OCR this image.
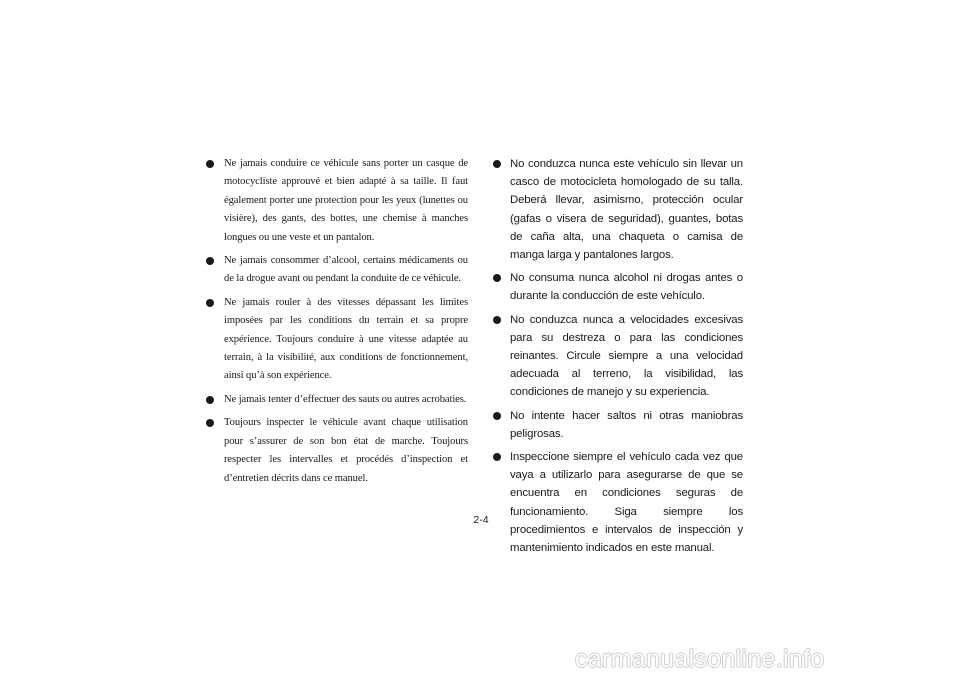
Ne jamais conduire ce véhicule sans porter un casque de motocycliste approuvé et bien adapté à sa taille. Il faut également porter une protection pour les yeux (lunettes ou visière), des gants, des bottes, une chemise à manches longues ou une veste et un pantalon.
Ne jamais consommer d’alcool, certains médicaments ou de la drogue avant ou pendant la conduite de ce véhicule.
Ne jamais rouler à des vitesses dépassant les limites imposées par les conditions du terrain et sa propre expérience. Toujours conduire à une vitesse adaptée au terrain, à la visibilité, aux conditions de fonctionnement, ainsi qu’à son expérience.
Ne jamais tenter d’effectuer des sauts ou autres acrobaties.
Toujours inspecter le véhicule avant chaque utilisation pour s’assurer de son bon état de marche. Toujours respecter les intervalles et procédés d’inspection et d’entretien décrits dans ce manuel.
No conduzca nunca este vehículo sin llevar un casco de motocicleta homologado de su talla. Deberá llevar, asimismo, protección ocular (gafas o visera de seguridad), guantes, botas de caña alta, una chaqueta o camisa de manga larga y pantalones largos.
No consuma nunca alcohol ni drogas antes o durante la conducción de este vehículo.
No conduzca nunca a velocidades excesivas para su destreza o para las condiciones reinantes. Circule siempre a una velocidad adecuada al terreno, la visibilidad, las condiciones de manejo y su experiencia.
No intente hacer saltos ni otras maniobras peligrosas.
Inspeccione siempre el vehículo cada vez que vaya a utilizarlo para asegurarse de que se encuentra en condiciones seguras de funcionamiento. Siga siempre los procedimientos e intervalos de inspección y mantenimiento indicados en este manual.
2-4
carmanualsonline.info
